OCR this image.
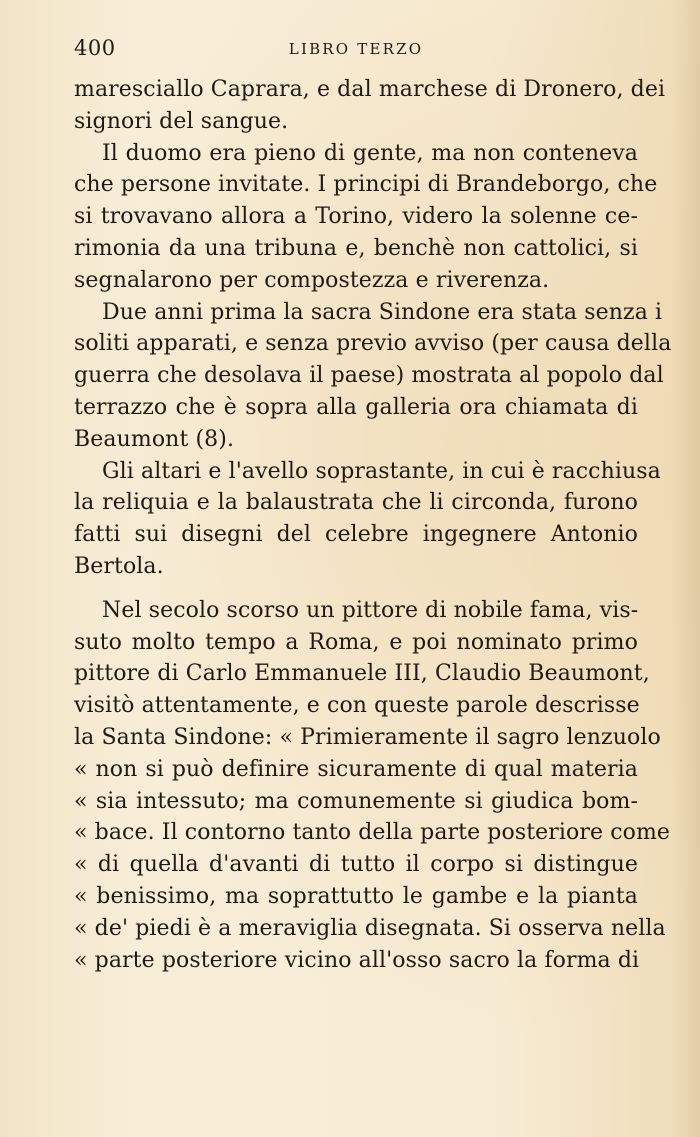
400	LIBRO TERZO
maresciallo Caprara, e dal marchese di Dronero, dei
signori del sangue.
Il duomo era pieno di gente, ma non conteneva
che persone invitate. I principi di Brandeborgo, che
si trovavano allora a Torino, videro la solenne ce-
rimonia da una tribuna e, benchè non cattolici, si
segnalarono per compostezza e riverenza.
Due anni prima la sacra Sindone era stata senza i
soliti apparati, e senza previo avviso (per causa della
guerra che desolava il paese) mostrata al popolo dal
terrazzo che è sopra alla galleria ora chiamata di
Beaumont (8).
Gli altari e l'avello soprastante, in cui è racchiusa
la reliquia e la balaustrata che li circonda, furono
fatti sui disegni del celebre ingegnere Antonio
Bertola.
Nel secolo scorso un pittore di nobile fama, vis-
suto molto tempo a Roma, e poi nominato primo
pittore di Carlo Emmanuele III, Claudio Beaumont,
visitò attentamente, e con queste parole descrisse
la Santa Sindone: « Primieramente il sagro lenzuolo
« non si può definire sicuramente di qual materia
« sia intessuto; ma comunemente si giudica bom-
« bace. Il contorno tanto della parte posteriore come
« di quella d'avanti di tutto il corpo si distingue
« benissimo, ma soprattutto le gambe e la pianta
« de' piedi è a meraviglia disegnata. Si osserva nella
« parte posteriore vicino all'osso sacro la forma di
